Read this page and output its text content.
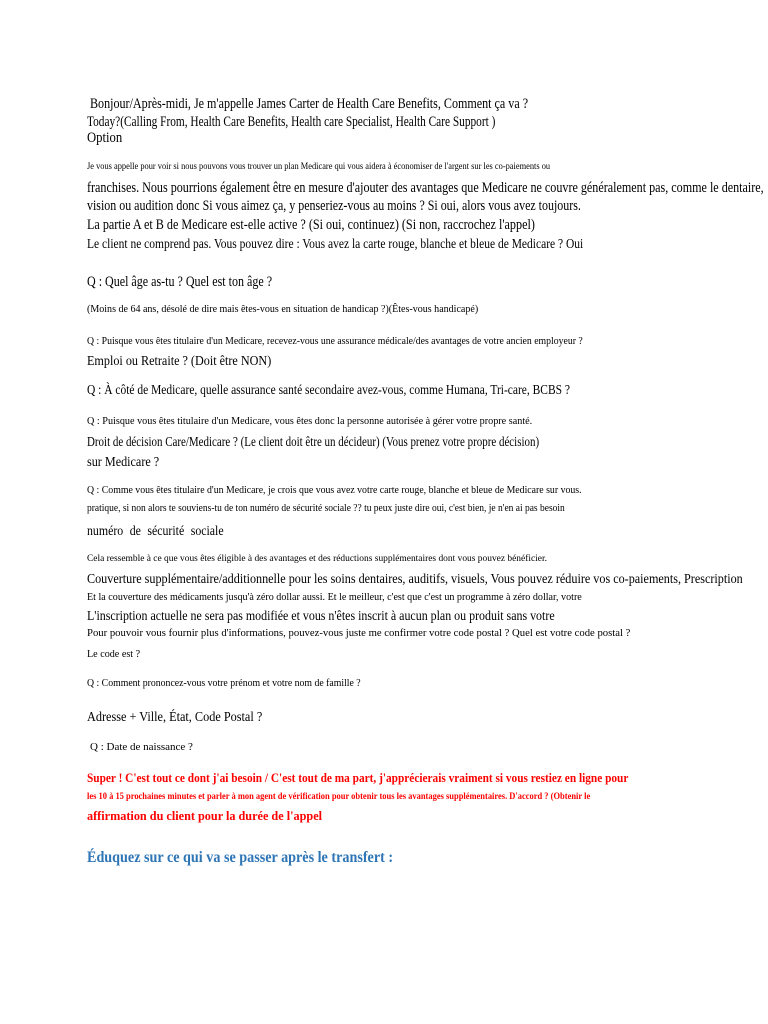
Bonjour/Après-midi, Je m'appelle James Carter de Health Care Benefits, Comment ça va ?
Today?(Calling From, Health Care Benefits, Health care Specialist, Health Care Support )
Option
Je vous appelle pour voir si nous pouvons vous trouver un plan Medicare qui vous aidera à économiser de l'argent sur les co-paiements ou
franchises. Nous pourrions également être en mesure d'ajouter des avantages que Medicare ne couvre généralement pas, comme le dentaire,
vision ou audition donc Si vous aimez ça, y penseriez-vous au moins ? Si oui, alors vous avez toujours.
La partie A et B de Medicare est-elle active ? (Si oui, continuez) (Si non, raccrochez l'appel)
Le client ne comprend pas. Vous pouvez dire : Vous avez la carte rouge, blanche et bleue de Medicare ? Oui
Q : Quel âge as-tu ? Quel est ton âge ?
(Moins de 64 ans, désolé de dire mais êtes-vous en situation de handicap ?)(Êtes-vous handicapé)
Q : Puisque vous êtes titulaire d'un Medicare, recevez-vous une assurance médicale/des avantages de votre ancien employeur ?
Emploi ou Retraite ? (Doit être NON)
Q : À côté de Medicare, quelle assurance santé secondaire avez-vous, comme Humana, Tri-care, BCBS ?
Q : Puisque vous êtes titulaire d'un Medicare, vous êtes donc la personne autorisée à gérer votre propre santé.
Droit de décision Care/Medicare ? (Le client doit être un décideur) (Vous prenez votre propre décision)
sur Medicare ?
Q : Comme vous êtes titulaire d'un Medicare, je crois que vous avez votre carte rouge, blanche et bleue de Medicare sur vous.
pratique, si non alors te souviens-tu de ton numéro de sécurité sociale ?? tu peux juste dire oui, c'est bien, je n'en ai pas besoin
numéro de sécurité sociale
Cela ressemble à ce que vous êtes éligible à des avantages et des réductions supplémentaires dont vous pouvez bénéficier.
Couverture supplémentaire/additionnelle pour les soins dentaires, auditifs, visuels, Vous pouvez réduire vos co-paiements, Prescription
Et la couverture des médicaments jusqu'à zéro dollar aussi. Et le meilleur, c'est que c'est un programme à zéro dollar, votre
L'inscription actuelle ne sera pas modifiée et vous n'êtes inscrit à aucun plan ou produit sans votre
Pour pouvoir vous fournir plus d'informations, pouvez-vous juste me confirmer votre code postal ? Quel est votre code postal ?
Le code est ?
Q : Comment prononcez-vous votre prénom et votre nom de famille ?
Adresse + Ville, État, Code Postal ?
Q : Date de naissance ?
Super ! C'est tout ce dont j'ai besoin / C'est tout de ma part, j'apprécierais vraiment si vous restiez en ligne pour
les 10 à 15 prochaines minutes et parler à mon agent de vérification pour obtenir tous les avantages supplémentaires. D'accord ? (Obtenir le
affirmation du client pour la durée de l'appel
Éduquez sur ce qui va se passer après le transfert :
